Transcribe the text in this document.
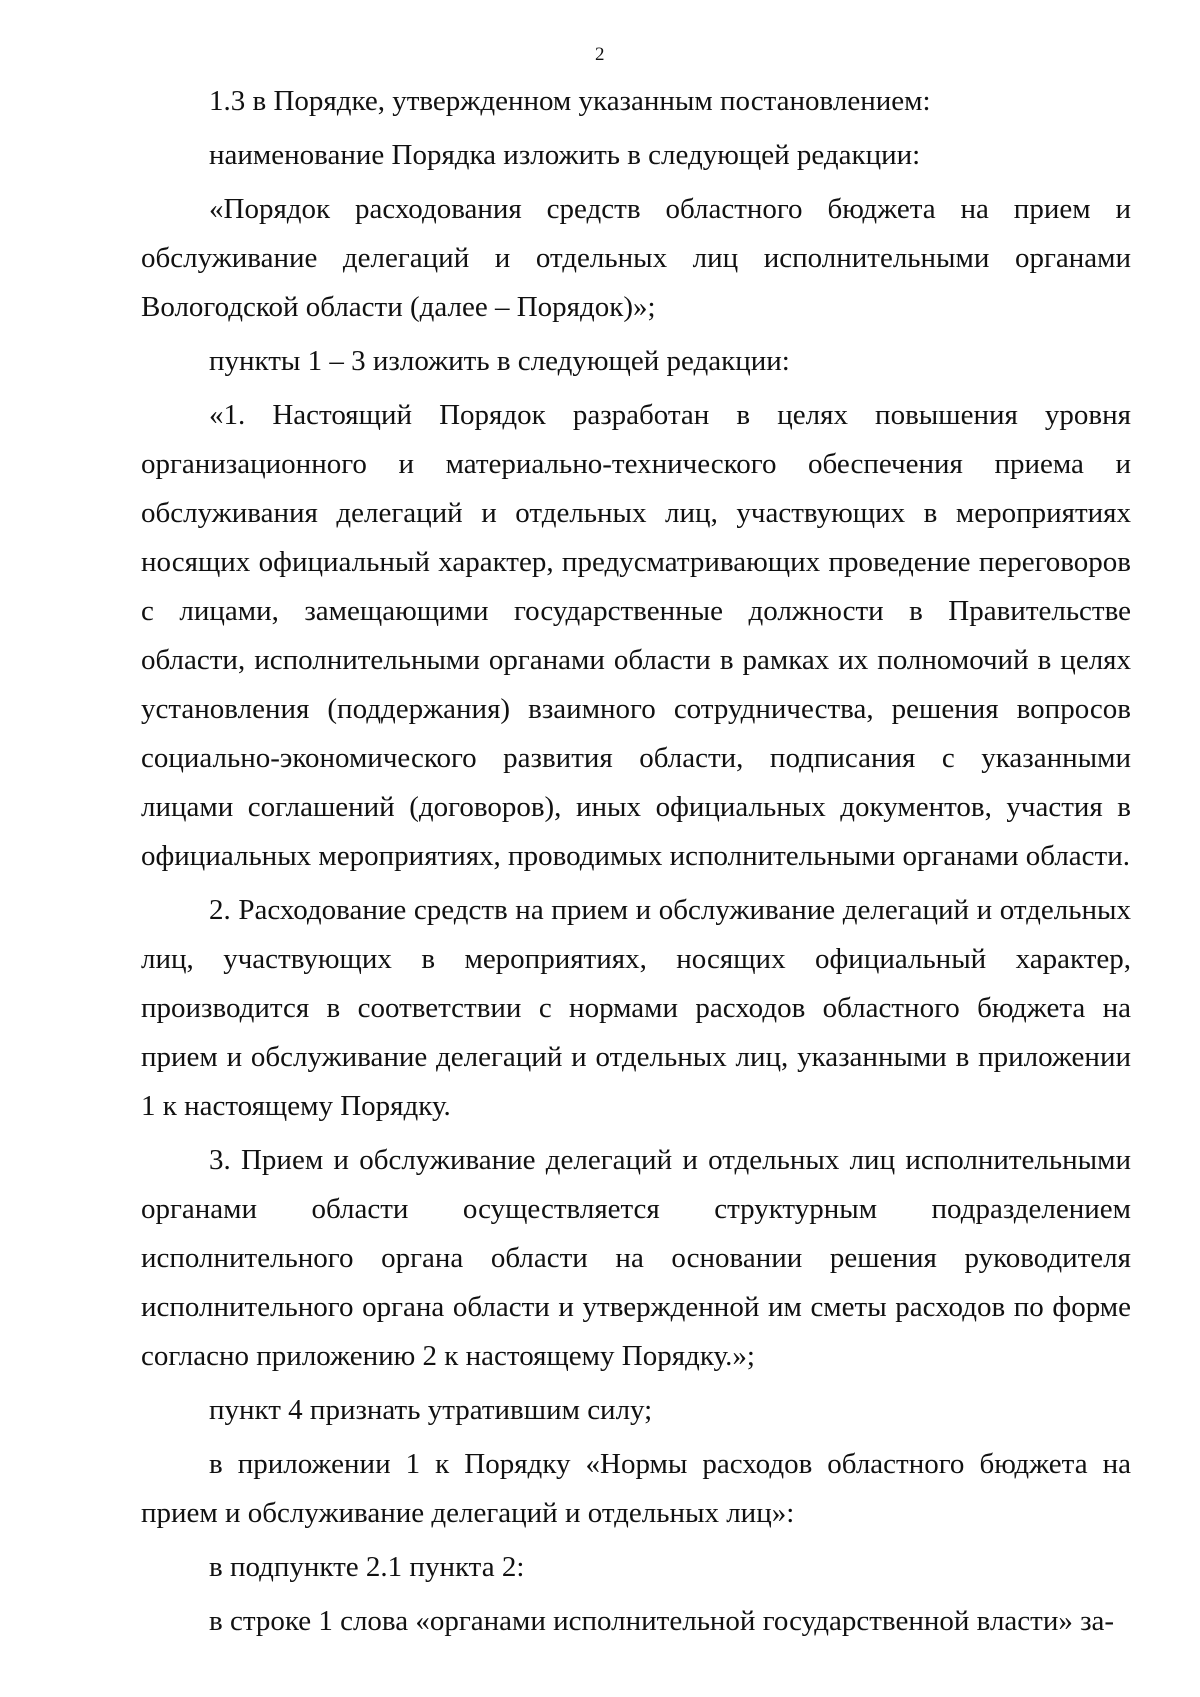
2

1.3 в Порядке, утвержденном указанным постановлением:

наименование Порядка изложить в следующей редакции:

«Порядок расходования средств областного бюджета на прием и обслуживание делегаций и отдельных лиц исполнительными органами Вологодской области (далее – Порядок)»;

пункты 1 – 3 изложить в следующей редакции:

«1. Настоящий Порядок разработан в целях повышения уровня организационного и материально-технического обеспечения приема и обслуживания делегаций и отдельных лиц, участвующих в мероприятиях носящих официальный характер, предусматривающих проведение переговоров с лицами, замещающими государственные должности в Правительстве области, исполнительными органами области в рамках их полномочий в целях установления (поддержания) взаимного сотрудничества, решения вопросов социально-экономического развития области, подписания с указанными лицами соглашений (договоров), иных официальных документов, участия в официальных мероприятиях, проводимых исполнительными органами области.

2. Расходование средств на прием и обслуживание делегаций и отдельных лиц, участвующих в мероприятиях, носящих официальный характер, производится в соответствии с нормами расходов областного бюджета на прием и обслуживание делегаций и отдельных лиц, указанными в приложении 1 к настоящему Порядку.

3. Прием и обслуживание делегаций и отдельных лиц исполнительными органами области осуществляется структурным подразделением исполнительного органа области на основании решения руководителя исполнительного органа области и утвержденной им сметы расходов по форме согласно приложению 2 к настоящему Порядку.»;

пункт 4 признать утратившим силу;

в приложении 1 к Порядку «Нормы расходов областного бюджета на прием и обслуживание делегаций и отдельных лиц»:

в подпункте 2.1 пункта 2:

в строке 1 слова «органами исполнительной государственной власти» за-
